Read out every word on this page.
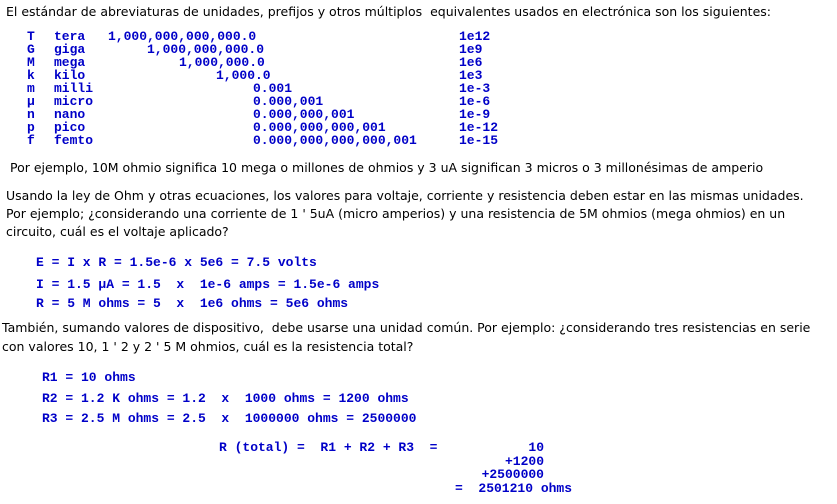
El estándar de abreviaturas de unidades, prefijos y otros múltiplos  equivalentes usados en electrónica son los siguientes:
T tera 1,000,000,000,000.0	1e12
G giga	1,000,000,000.0	1e9
M mega	1,000,000.0	1e6
k kilo	1,000.0	1e3
m milli	0.001	1e-3
μ micro	0.000,001	1e-6
n nano	0.000,000,001	1e-9
p pico	0.000,000,000,001	1e-12
f femto	0.000,000,000,000,001	1e-15
Por ejemplo, 10M ohmio significa 10 mega o millones de ohmios y 3 uA significan 3 micros o 3 millonésimas de amperio
Usando la ley de Ohm y otras ecuaciones, los valores para voltaje, corriente y resistencia deben estar en las mismas unidades.
Por ejemplo; ¿considerando una corriente de 1 ' 5uA (micro amperios) y una resistencia de 5M ohmios (mega ohmios) en un
circuito, cuál es el voltaje aplicado?
E = I x R = 1.5e-6 x 5e6 = 7.5 volts
I = 1.5 μA = 1.5  x  1e-6 amps = 1.5e-6 amps
R = 5 M ohms = 5  x  1e6 ohms = 5e6 ohms
También, sumando valores de dispositivo,  debe usarse una unidad común. Por ejemplo: ¿considerando tres resistencias en serie
con valores 10, 1 ' 2 y 2 ' 5 M ohmios, cuál es la resistencia total?
R1 = 10 ohms
R2 = 1.2 K ohms = 1.2  x  1000 ohms = 1200 ohms
R3 = 2.5 M ohms = 2.5  x  1000000 ohms = 2500000
R (total) =  R1 + R2 + R3  =	10
+1200
+2500000
=  2501210 ohms
